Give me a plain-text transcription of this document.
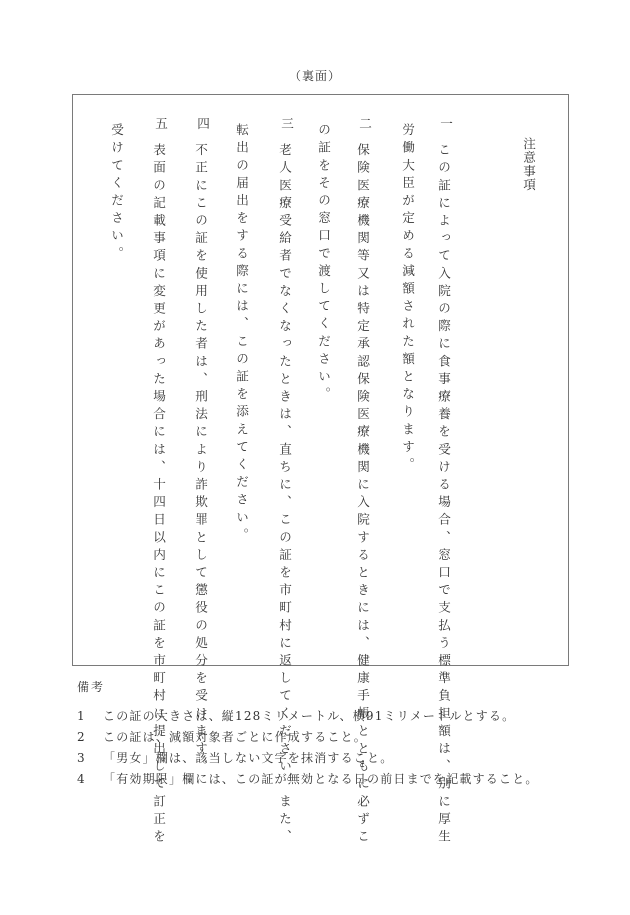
（裏面）
注意事項
一
この証によって入院の際に食事療養を受ける場合、窓口で支払う標準負担額は、別に厚生
労働大臣が定める減額された額となります。
二
保険医療機関等又は特定承認保険医療機関に入院するときには、健康手帳とともに必ずこ
の証をその窓口で渡してください。
三
老人医療受給者でなくなったときは、直ちに、この証を市町村に返してください。また、
転出の届出をする際には、この証を添えてください。
四
不正にこの証を使用した者は、刑法により詐欺罪として懲役の処分を受けます。
五
表面の記載事項に変更があった場合には、十四日以内にこの証を市町村に提出して訂正を
受けてください。
備考
1	この証の大きさは、縦128ミリメートル、横91ミリメートルとする。
2	この証は、減額対象者ごとに作成すること。
3	「男女」欄は、該当しない文字を抹消すること。
4	「有効期限」欄には、この証が無効となる日の前日までを記載すること。
